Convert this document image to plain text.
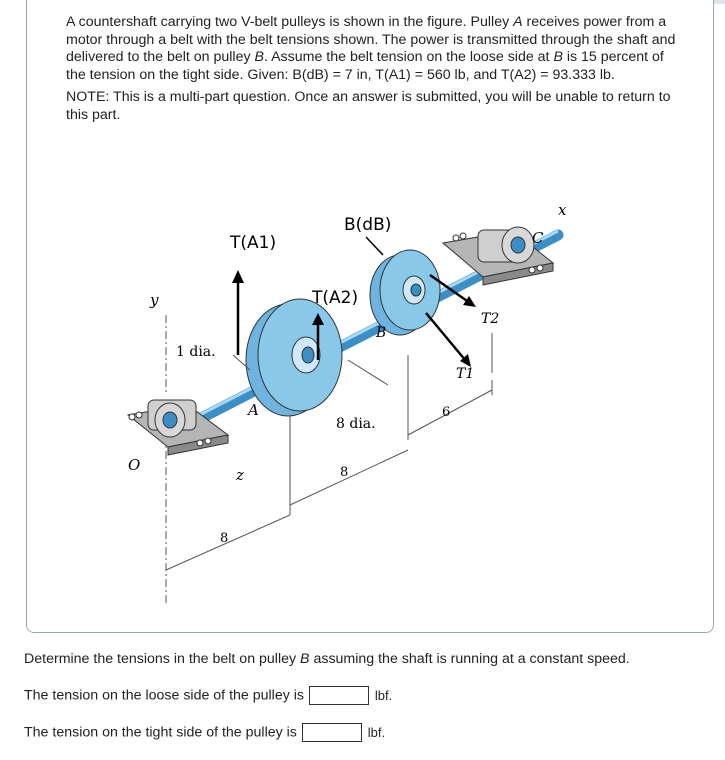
A countershaft carrying two V-belt pulleys is shown in the figure. Pulley A receives power from a motor through a belt with the belt tensions shown. The power is transmitted through the shaft and delivered to the belt on pulley B. Assume the belt tension on the loose side at B is 15 percent of the tension on the tight side. Given: B(dB) = 7 in, T(A1) = 560 lb, and T(A2) = 93.333 lb.

NOTE: This is a multi-part question. Once an answer is submitted, you will be unable to return to this part.

B(dB)
T(A1)
T(A2)
y
x
z
O
A
B
C
T1
T2
1 dia.
8 dia.
8
8
6
Determine the tensions in the belt on pulley B assuming the shaft is running at a constant speed.
The tension on the loose side of the pulley is	lbf.
The tension on the tight side of the pulley is	lbf.
